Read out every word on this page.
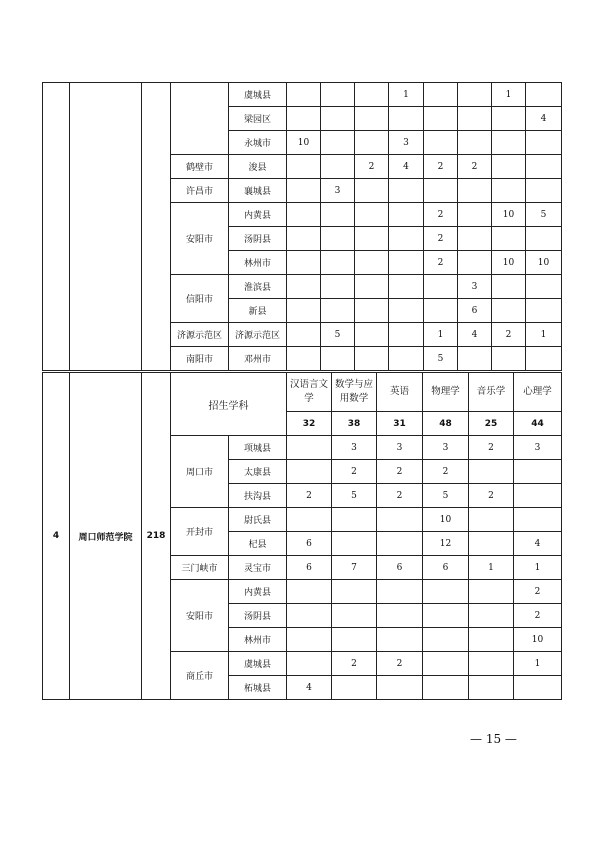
				虞城县				1			1	
				梁园区								4
				永城市	10			3				
			鹤壁市	浚县			2	4	2	2		
			许昌市	襄城县		3						
			安阳市	内黄县					2		10	5
				汤阴县					2			
				林州市					2		10	10
			信阳市	淮滨县						3		
				新县						6		
			济源示范区	济源示范区		5			1	4	2	1
			南阳市	邓州市					5			
4	周口师范学院	218	招生学科		汉语言文学	数学与应用数学	英语	物理学	音乐学	心理学
					32	38	31	48	25	44
			周口市	项城县		3	3	3	2	3
				太康县		2	2	2		
				扶沟县	2	5	2	5	2	
			开封市	尉氏县				10		
				杞县	6			12		4
			三门峡市	灵宝市	6	7	6	6	1	1
			安阳市	内黄县						2
				汤阴县						2
				林州市						10
			商丘市	虞城县		2	2			1
				柘城县	4					
— 15 —
